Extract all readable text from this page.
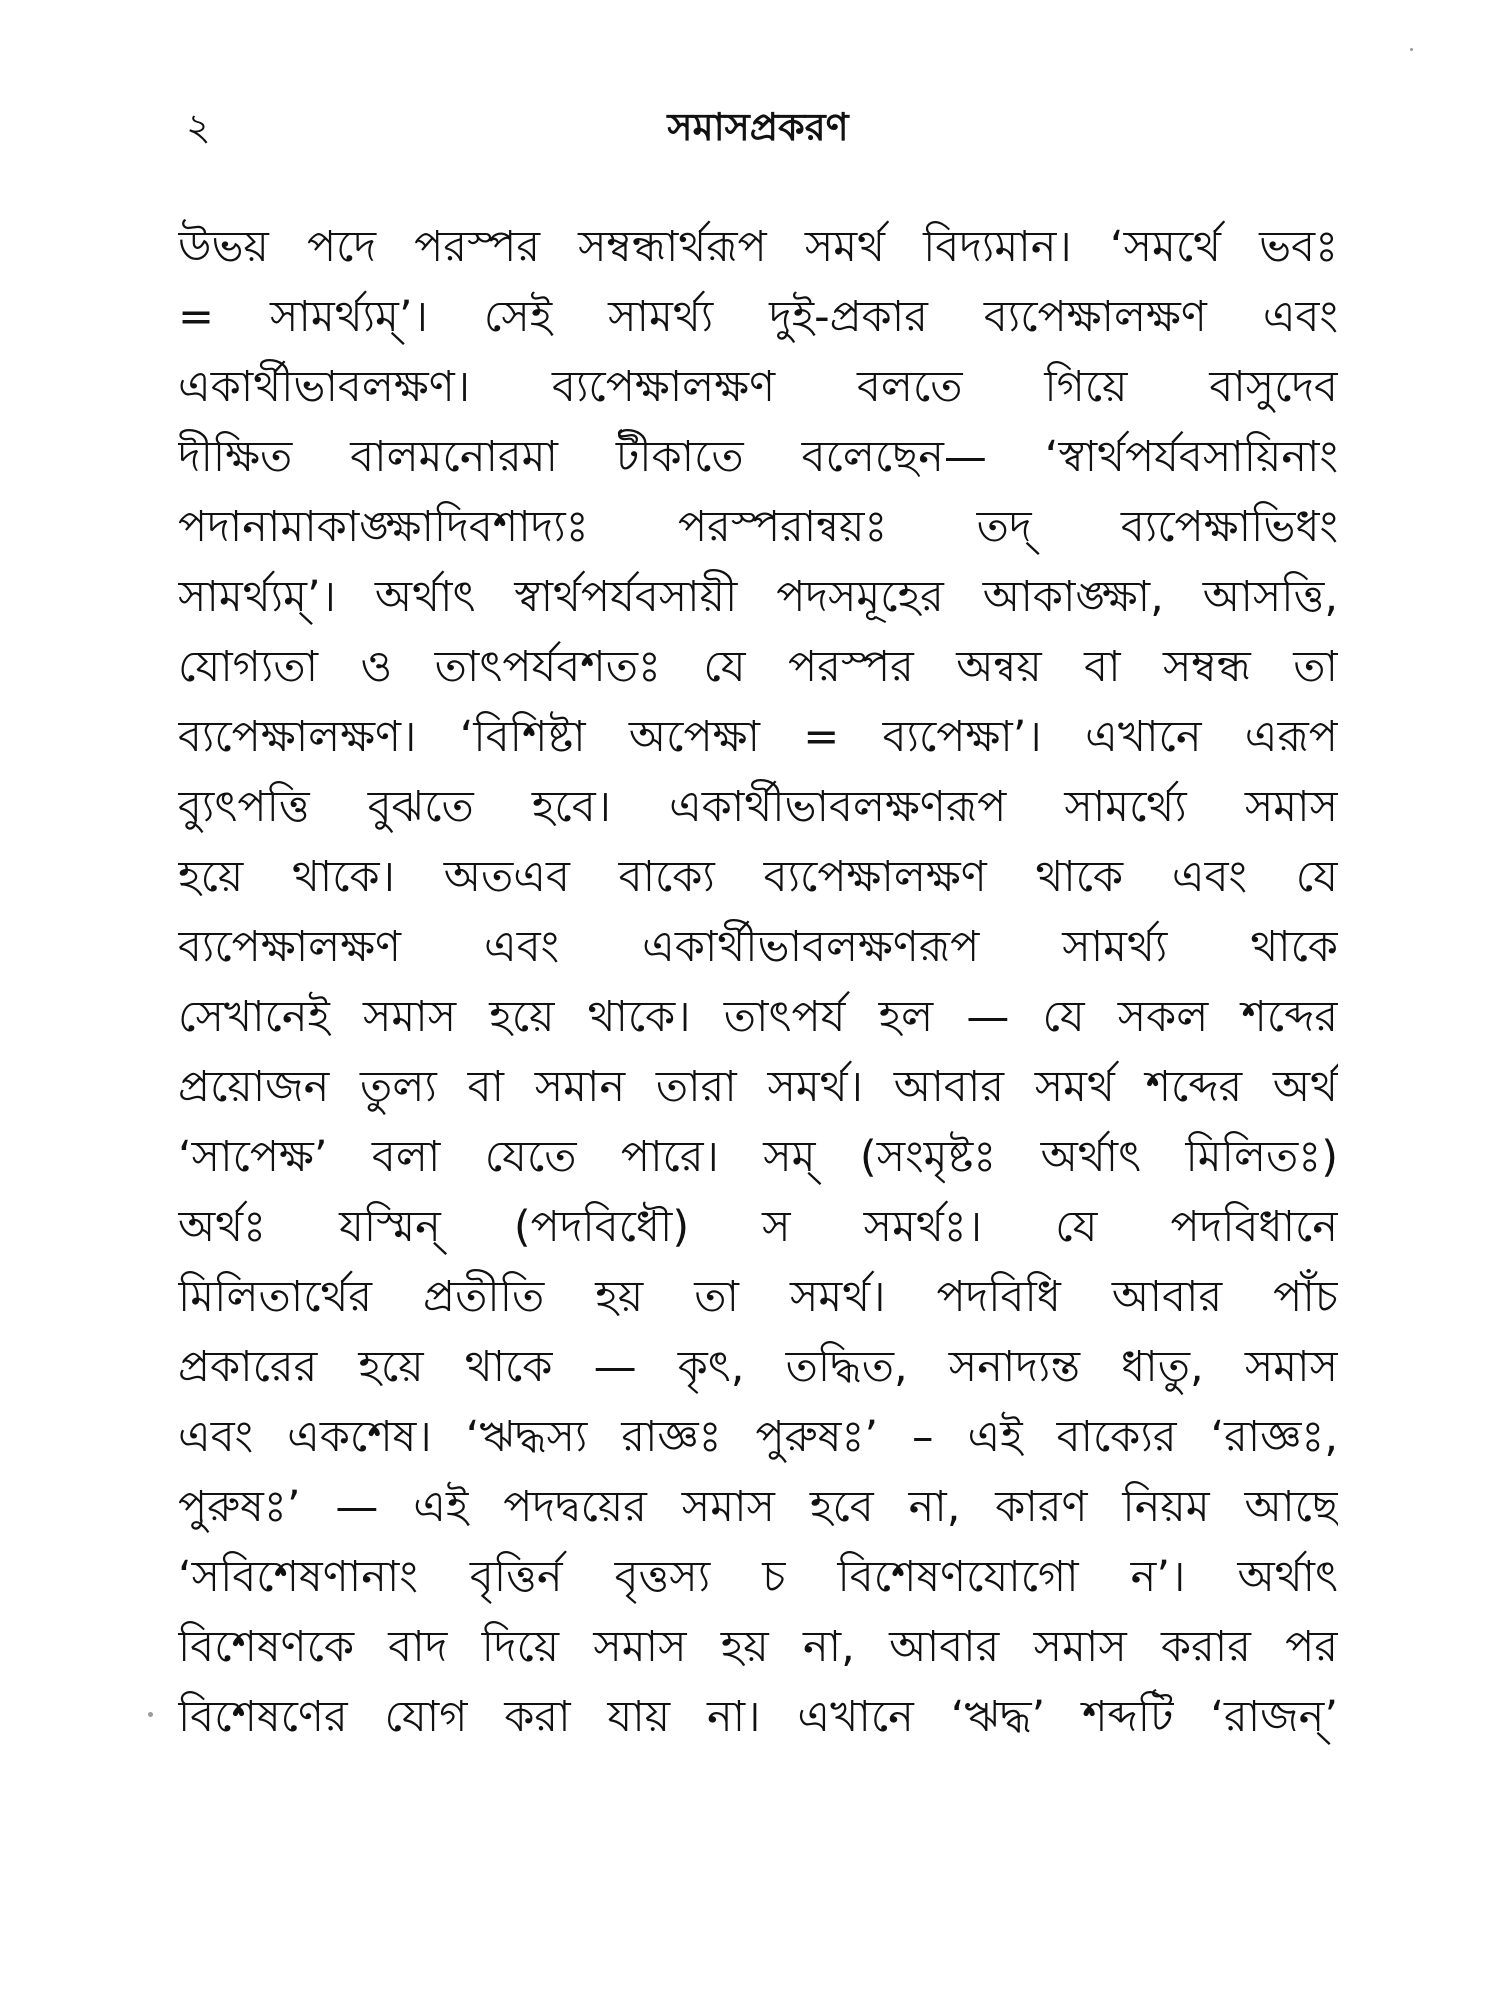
২	সমাসপ্রকরণ
উভয় পদে পরস্পর সম্বন্ধার্থরূপ সমর্থ বিদ্যমান। ‘সমর্থে ভবঃ
= সামর্থ্যম্’। সেই সামর্থ্য দুই-প্রকার ব্যপেক্ষালক্ষণ এবং
একার্থীভাবলক্ষণ। ব্যপেক্ষালক্ষণ বলতে গিয়ে বাসুদেব
দীক্ষিত বালমনোরমা টীকাতে বলেছেন— ‘স্বার্থপর্যবসায়িনাং
পদানামাকাঙ্ক্ষাদিবশাদ্যঃ পরস্পরান্বয়ঃ তদ্ ব্যপেক্ষাভিধং
সামর্থ্যম্’। অর্থাৎ স্বার্থপর্যবসায়ী পদসমূহের আকাঙ্ক্ষা, আসত্তি,
যোগ্যতা ও তাৎপর্যবশতঃ যে পরস্পর অন্বয় বা সম্বন্ধ তা
ব্যপেক্ষালক্ষণ। ‘বিশিষ্টা অপেক্ষা = ব্যপেক্ষা’। এখানে এরূপ
ব্যুৎপত্তি বুঝতে হবে। একার্থীভাবলক্ষণরূপ সামর্থ্যে সমাস
হয়ে থাকে। অতএব বাক্যে ব্যপেক্ষালক্ষণ থাকে এবং যে
ব্যপেক্ষালক্ষণ এবং একার্থীভাবলক্ষণরূপ সামর্থ্য থাকে
সেখানেই সমাস হয়ে থাকে। তাৎপর্য হল — যে সকল শব্দের
প্রয়োজন তুল্য বা সমান তারা সমর্থ। আবার সমর্থ শব্দের অর্থ
‘সাপেক্ষ’ বলা যেতে পারে। সম্ (সংমৃষ্টঃ অর্থাৎ মিলিতঃ)
অর্থঃ যস্মিন্ (পদবিধৌ) স সমর্থঃ। যে পদবিধানে
মিলিতার্থের প্রতীতি হয় তা সমর্থ। পদবিধি আবার পাঁচ
প্রকারের হয়ে থাকে — কৃৎ, তদ্ধিত, সনাদ্যন্ত ধাতু, সমাস
এবং একশেষ। ‘ঋদ্ধস্য রাজ্ঞঃ পুরুষঃ’ – এই বাক্যের ‘রাজ্ঞঃ,
পুরুষঃ’ — এই পদদ্বয়ের সমাস হবে না, কারণ নিয়ম আছে
‘সবিশেষণানাং বৃত্তির্ন বৃত্তস্য চ বিশেষণযোগো ন’। অর্থাৎ
বিশেষণকে বাদ দিয়ে সমাস হয় না, আবার সমাস করার পর
বিশেষণের যোগ করা যায় না। এখানে ‘ঋদ্ধ’ শব্দটি ‘রাজন্’
